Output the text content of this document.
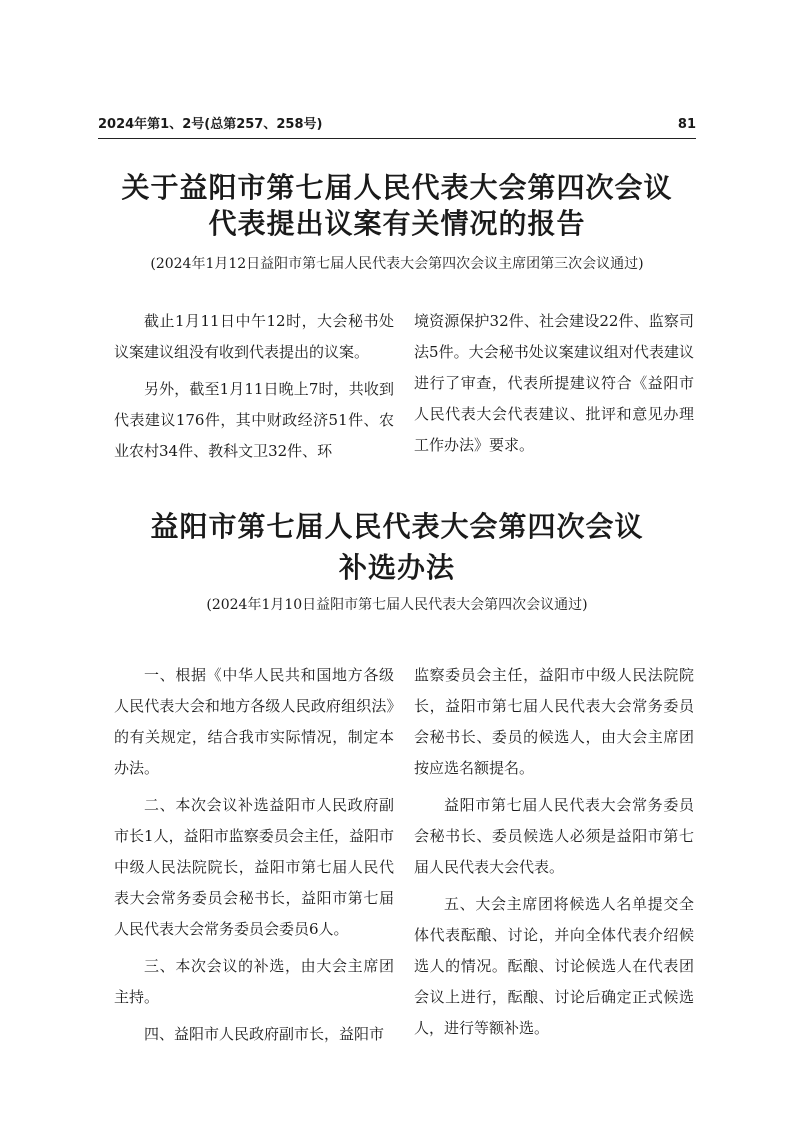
2024年第1、2号(总第257、258号)	81
关于益阳市第七届人民代表大会第四次会议
代表提出议案有关情况的报告

(2024年1月12日益阳市第七届人民代表大会第四次会议主席团第三次会议通过)

截止1月11日中午12时，大会秘书处议案建议组没有收到代表提出的议案。

另外，截至1月11日晚上7时，共收到代表建议176件，其中财政经济51件、农业农村34件、教科文卫32件、环

境资源保护32件、社会建设22件、监察司法5件。大会秘书处议案建议组对代表建议进行了审查，代表所提建议符合《益阳市人民代表大会代表建议、批评和意见办理工作办法》要求。

益阳市第七届人民代表大会第四次会议
补选办法

(2024年1月10日益阳市第七届人民代表大会第四次会议通过)

一、根据《中华人民共和国地方各级人民代表大会和地方各级人民政府组织法》的有关规定，结合我市实际情况，制定本办法。

二、本次会议补选益阳市人民政府副市长1人，益阳市监察委员会主任，益阳市中级人民法院院长，益阳市第七届人民代表大会常务委员会秘书长，益阳市第七届人民代表大会常务委员会委员6人。

三、本次会议的补选，由大会主席团主持。

四、益阳市人民政府副市长，益阳市

监察委员会主任，益阳市中级人民法院院长，益阳市第七届人民代表大会常务委员会秘书长、委员的候选人，由大会主席团按应选名额提名。

益阳市第七届人民代表大会常务委员会秘书长、委员候选人必须是益阳市第七届人民代表大会代表。

五、大会主席团将候选人名单提交全体代表酝酿、讨论，并向全体代表介绍候选人的情况。酝酿、讨论候选人在代表团会议上进行，酝酿、讨论后确定正式候选人，进行等额补选。
